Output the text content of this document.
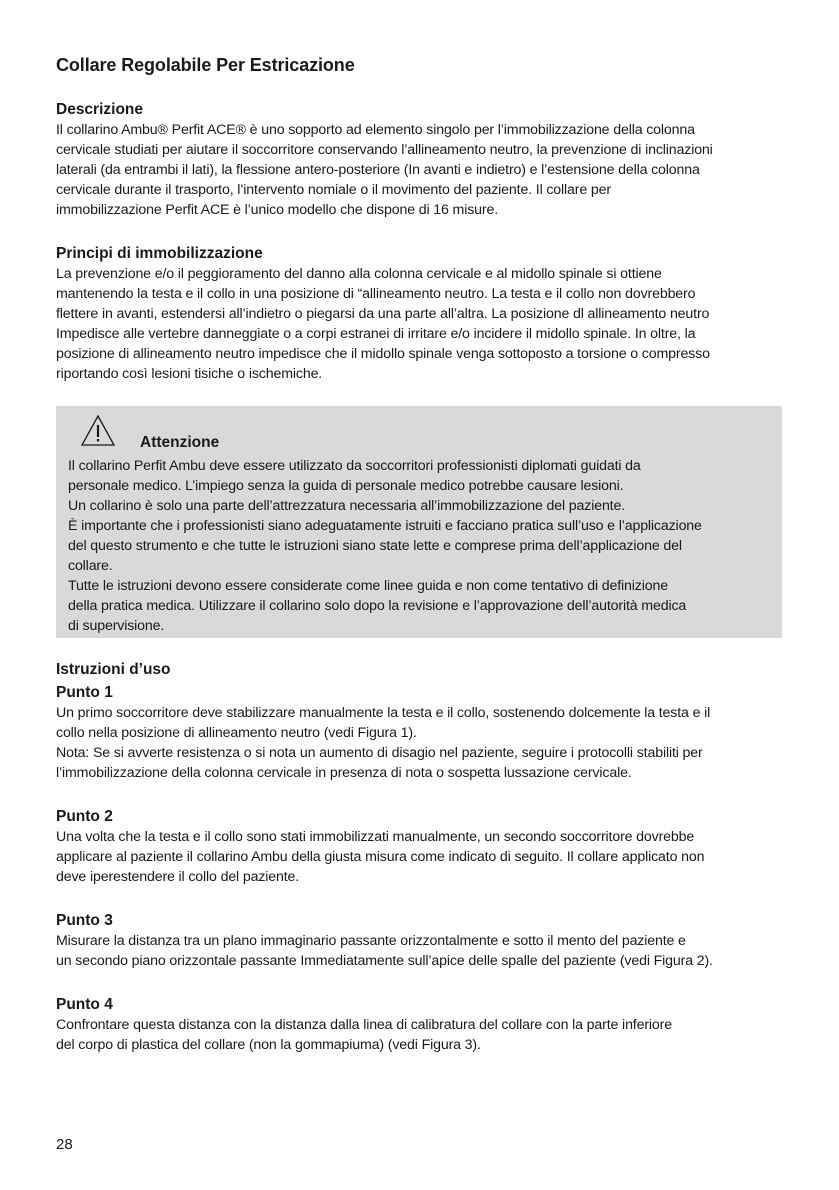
Collare Regolabile Per Estricazione
Descrizione

Il collarino Ambu® Perfit ACE® è uno sopporto ad elemento singolo per l’immobilizzazione della colonna
cervicale studiati per aiutare il soccorritore conservando l’allineamento neutro, la prevenzione di inclinazioni
laterali (da entrambi il lati), la flessione antero-posteriore (In avanti e indietro) e l’estensione della colonna
cervicale durante il trasporto, l’intervento nomiale o il movimento del paziente. Il collare per
immobilizzazione Perfit ACE è l’unico modello che dispone di 16 misure.

Principi di immobilizzazione

La prevenzione e/o il peggioramento del danno alla colonna cervicale e al midollo spinale si ottiene
mantenendo la testa e il collo in una posizione di “allineamento neutro. La testa e il collo non dovrebbero
flettere in avanti, estendersi all’indietro o piegarsi da una parte all’altra. La posizione dl allineamento neutro
Impedisce alle vertebre danneggiate o a corpi estranei di irritare e/o incidere il midollo spinale. In oltre, la
posizione di allineamento neutro impedisce che il midollo spinale venga sottoposto a torsione o compresso
riportando così lesioni tisiche o ischemiche.

Istruzioni d’uso
Punto 1

Un primo soccorritore deve stabilizzare manualmente la testa e il collo, sostenendo dolcemente la testa e il
collo nella posizione di allineamento neutro (vedi Figura 1).
Nota: Se si avverte resistenza o si nota un aumento di disagio nel paziente, seguire i protocolli stabiliti per
l’immobilizzazione della colonna cervicale in presenza di nota o sospetta lussazione cervicale.

Punto 2

Una volta che la testa e il collo sono stati immobilizzati manualmente, un secondo soccorritore dovrebbe
applicare al paziente il collarino Ambu della giusta misura come indicato di seguito. Il collare applicato non
deve iperestendere il collo del paziente.

Punto 3

Misurare la distanza tra un plano immaginario passante orizzontalmente e sotto il mento del paziente e
un secondo piano orizzontale passante Immediatamente sull’apice delle spalle del paziente (vedi Figura 2).

Punto 4

Confrontare questa distanza con la distanza dalla linea di calibratura del collare con la parte inferiore
del corpo di plastica del collare (non la gommapiuma) (vedi Figura 3).

Attenzione

Il collarino Perfit Ambu deve essere utilizzato da soccorritori professionisti diplomati guidati da
personale medico. L’impiego senza la guida di personale medico potrebbe causare lesioni.
Un collarino è solo una parte dell’attrezzatura necessaria all’immobilizzazione del paziente.
È importante che i professionisti siano adeguatamente istruiti e facciano pratica sull’uso e l’applicazione
del questo strumento e che tutte le istruzioni siano state lette e comprese prima dell’applicazione del
collare.
Tutte le istruzioni devono essere considerate come linee guida e non come tentativo di definizione
della pratica medica. Utilizzare il collarino solo dopo la revisione e l’approvazione dell’autorità medica
di supervisione.

28
